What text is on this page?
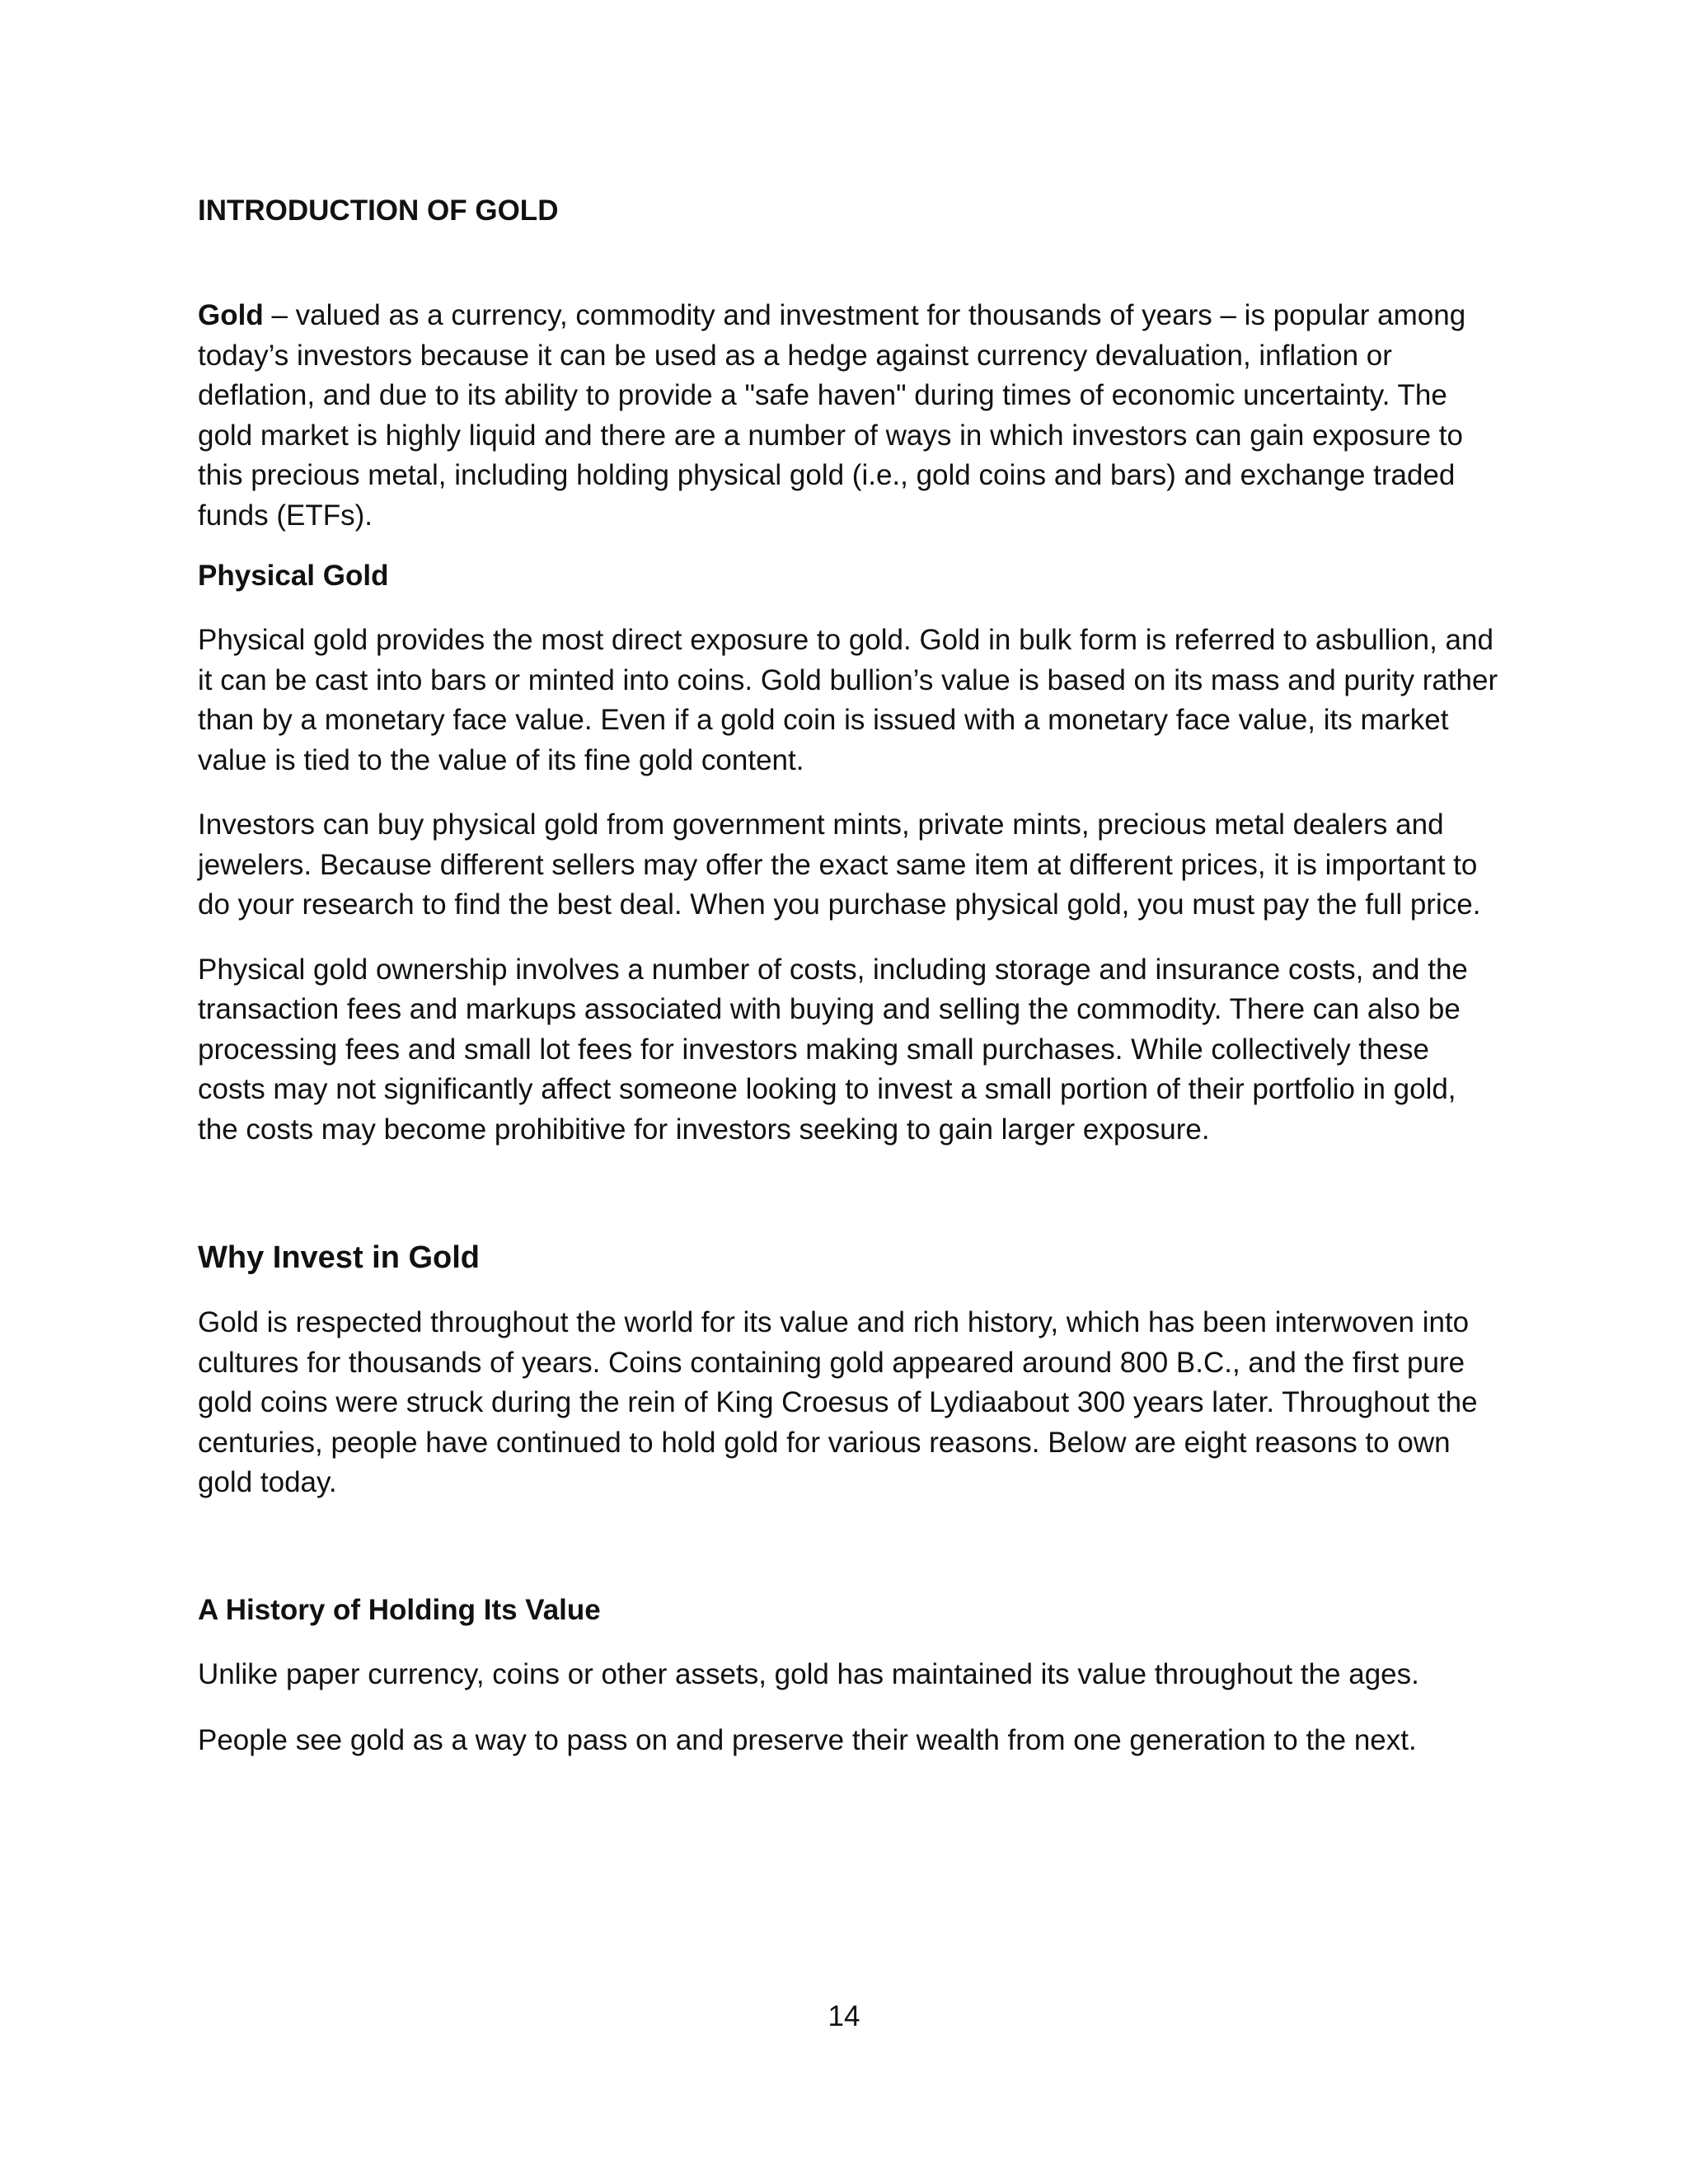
INTRODUCTION OF GOLD

Gold – valued as a currency, commodity and investment for thousands of years – is popular among today’s investors because it can be used as a hedge against currency devaluation, inflation or deflation, and due to its ability to provide a "safe haven" during times of economic uncertainty. The gold market is highly liquid and there are a number of ways in which investors can gain exposure to this precious metal, including holding physical gold (i.e., gold coins and bars) and exchange traded funds (ETFs).

Physical Gold

Physical gold provides the most direct exposure to gold. Gold in bulk form is referred to asbullion, and it can be cast into bars or minted into coins. Gold bullion’s value is based on its mass and purity rather than by a monetary face value. Even if a gold coin is issued with a monetary face value, its market value is tied to the value of its fine gold content.

Investors can buy physical gold from government mints, private mints, precious metal dealers and jewelers. Because different sellers may offer the exact same item at different prices, it is important to do your research to find the best deal. When you purchase physical gold, you must pay the full price.

Physical gold ownership involves a number of costs, including storage and insurance costs, and the transaction fees and markups associated with buying and selling the commodity. There can also be processing fees and small lot fees for investors making small purchases. While collectively these costs may not significantly affect someone looking to invest a small portion of their portfolio in gold, the costs may become prohibitive for investors seeking to gain larger exposure.

Why Invest in Gold

Gold is respected throughout the world for its value and rich history, which has been interwoven into cultures for thousands of years. Coins containing gold appeared around 800 B.C., and the first pure gold coins were struck during the rein of King Croesus of Lydiaabout 300 years later. Throughout the centuries, people have continued to hold gold for various reasons. Below are eight reasons to own gold today.

A History of Holding Its Value

Unlike paper currency, coins or other assets, gold has maintained its value throughout the ages.

People see gold as a way to pass on and preserve their wealth from one generation to the next.

14
